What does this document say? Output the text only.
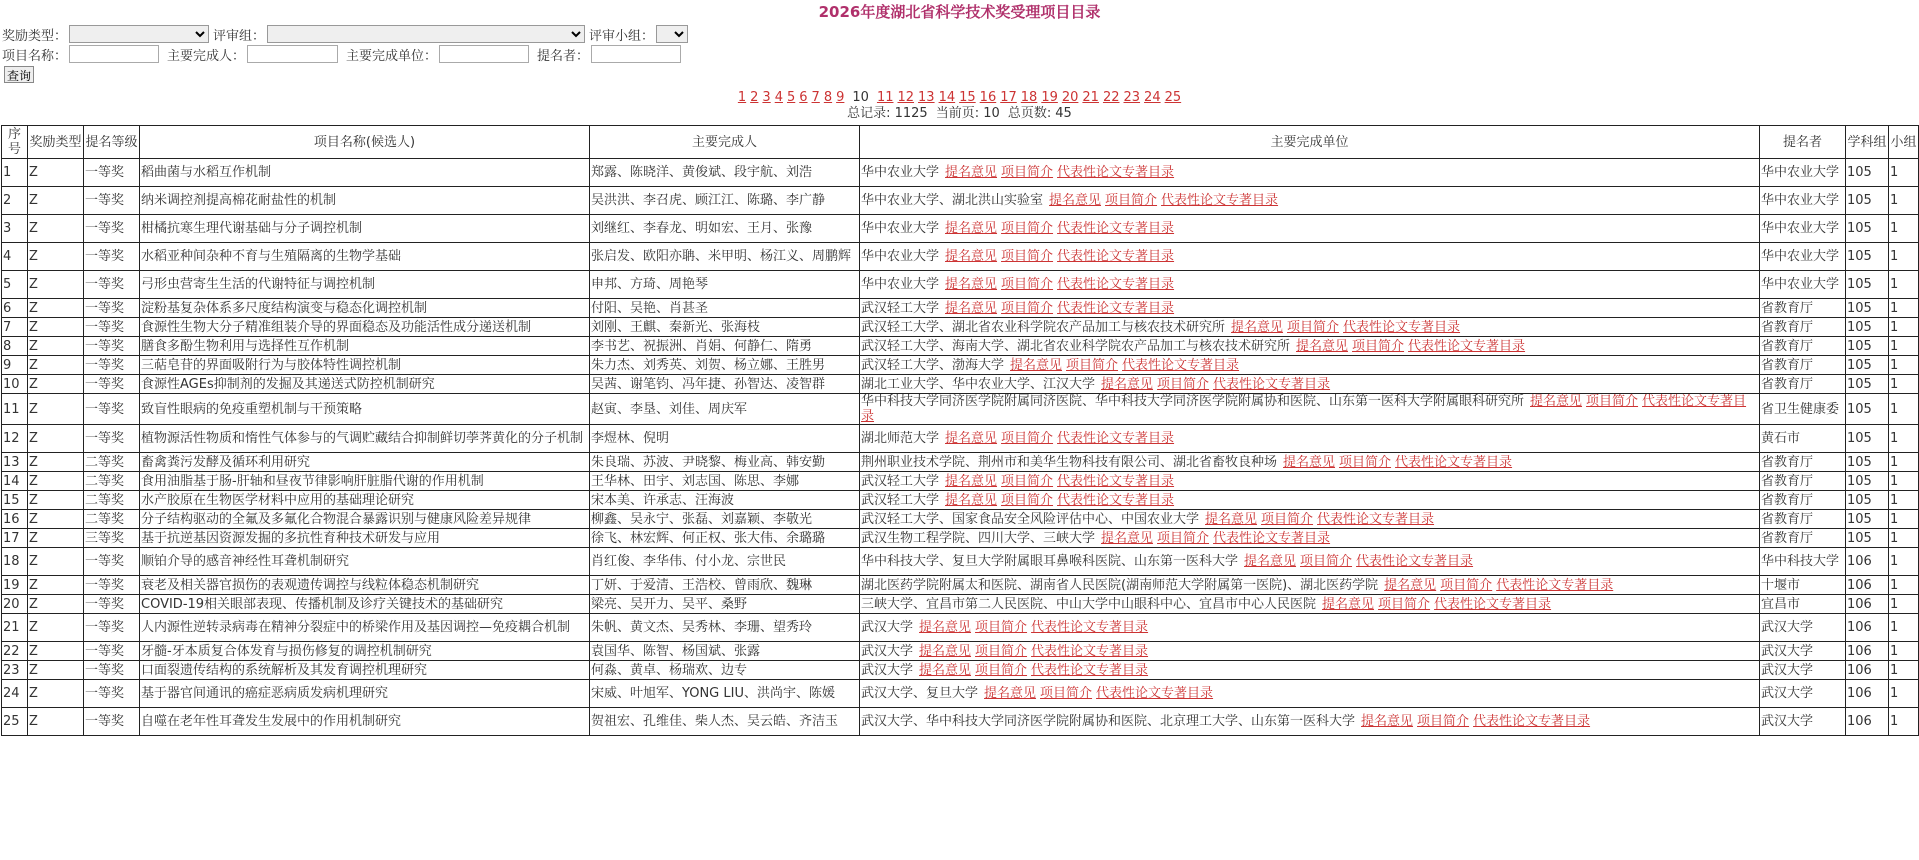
2026年度湖北省科学技术奖受理项目目录
奖励类型：	评审组：	评审小组：
项目名称：	主要完成人：	主要完成单位：	提名者：
查询
1 2 3 4 5 6 7 8 9 10 11 12 13 14 15 16 17 18 19 20 21 22 23 24 25
总记录: 1125 当前页: 10 总页数: 45
序号	奖励类型	提名等级	项目名称(候选人)	主要完成人	主要完成单位	提名者	学科组	小组
1	Z	一等奖	稻曲菌与水稻互作机制	郑露、陈晓洋、黄俊斌、段宇航、刘浩	华中农业大学 提名意见 项目简介 代表性论文专著目录	华中农业大学	105	1
2	Z	一等奖	纳米调控剂提高棉花耐盐性的机制	吴洪洪、李召虎、顾江江、陈璐、李广静	华中农业大学、湖北洪山实验室 提名意见 项目简介 代表性论文专著目录	华中农业大学	105	1
3	Z	一等奖	柑橘抗寒生理代谢基础与分子调控机制	刘继红、李春龙、明如宏、王月、张豫	华中农业大学 提名意见 项目简介 代表性论文专著目录	华中农业大学	105	1
4	Z	一等奖	水稻亚种间杂种不育与生殖隔离的生物学基础	张启发、欧阳亦聃、米甲明、杨江义、周鹏辉	华中农业大学 提名意见 项目简介 代表性论文专著目录	华中农业大学	105	1
5	Z	一等奖	弓形虫营寄生生活的代谢特征与调控机制	申邦、方琦、周艳琴	华中农业大学 提名意见 项目简介 代表性论文专著目录	华中农业大学	105	1
6	Z	一等奖	淀粉基复杂体系多尺度结构演变与稳态化调控机制	付阳、吴艳、肖甚圣	武汉轻工大学 提名意见 项目简介 代表性论文专著目录	省教育厅	105	1
7	Z	一等奖	食源性生物大分子精准组装介导的界面稳态及功能活性成分递送机制	刘刚、王麒、秦新光、张海枝	武汉轻工大学、湖北省农业科学院农产品加工与核农技术研究所 提名意见 项目简介 代表性论文专著目录	省教育厅	105	1
8	Z	一等奖	膳食多酚生物利用与选择性互作机制	李书艺、祝振洲、肖娟、何静仁、隋勇	武汉轻工大学、海南大学、湖北省农业科学院农产品加工与核农技术研究所 提名意见 项目简介 代表性论文专著目录	省教育厅	105	1
9	Z	一等奖	三萜皂苷的界面吸附行为与胶体特性调控机制	朱力杰、刘秀英、刘贺、杨立娜、王胜男	武汉轻工大学、渤海大学 提名意见 项目简介 代表性论文专著目录	省教育厅	105	1
10	Z	一等奖	食源性AGEs抑制剂的发掘及其递送式防控机制研究	吴茜、谢笔钧、冯年捷、孙智达、凌智群	湖北工业大学、华中农业大学、江汉大学 提名意见 项目简介 代表性论文专著目录	省教育厅	105	1
11	Z	一等奖	致盲性眼病的免疫重塑机制与干预策略	赵寅、李垦、刘佳、周庆军	华中科技大学同济医学院附属同济医院、华中科技大学同济医学院附属协和医院、山东第一医科大学附属眼科研究所 提名意见 项目简介 代表性论文专著目录	省卫生健康委	105	1
12	Z	一等奖	植物源活性物质和惰性气体参与的气调贮藏结合抑制鲜切荸荠黄化的分子机制	李煜林、倪明	湖北师范大学 提名意见 项目简介 代表性论文专著目录	黄石市	105	1
13	Z	二等奖	畜禽粪污发酵及循环利用研究	朱良瑞、苏波、尹晓黎、梅业高、韩安勤	荆州职业技术学院、荆州市和美华生物科技有限公司、湖北省畜牧良种场 提名意见 项目简介 代表性论文专著目录	省教育厅	105	1
14	Z	二等奖	食用油脂基于肠-肝轴和昼夜节律影响肝脏脂代谢的作用机制	王华林、田宇、刘志国、陈思、李娜	武汉轻工大学 提名意见 项目简介 代表性论文专著目录	省教育厅	105	1
15	Z	二等奖	水产胶原在生物医学材料中应用的基础理论研究	宋本美、许承志、汪海波	武汉轻工大学 提名意见 项目简介 代表性论文专著目录	省教育厅	105	1
16	Z	二等奖	分子结构驱动的全氟及多氟化合物混合暴露识别与健康风险差异规律	柳鑫、吴永宁、张磊、刘嘉颖、李敬光	武汉轻工大学、国家食品安全风险评估中心、中国农业大学 提名意见 项目简介 代表性论文专著目录	省教育厅	105	1
17	Z	三等奖	基于抗逆基因资源发掘的多抗性育种技术研发与应用	徐飞、林宏辉、何正权、张大伟、余璐璐	武汉生物工程学院、四川大学、三峡大学 提名意见 项目简介 代表性论文专著目录	省教育厅	105	1
18	Z	一等奖	顺铂介导的感音神经性耳聋机制研究	肖红俊、李华伟、付小龙、宗世民	华中科技大学、复旦大学附属眼耳鼻喉科医院、山东第一医科大学 提名意见 项目简介 代表性论文专著目录	华中科技大学	106	1
19	Z	一等奖	衰老及相关器官损伤的表观遗传调控与线粒体稳态机制研究	丁妍、于爱清、王浩校、曾雨欣、魏琳	湖北医药学院附属太和医院、湖南省人民医院(湖南师范大学附属第一医院)、湖北医药学院 提名意见 项目简介 代表性论文专著目录	十堰市	106	1
20	Z	一等奖	COVID-19相关眼部表现、传播机制及诊疗关键技术的基础研究	梁亮、吴开力、吴平、桑野	三峡大学、宜昌市第二人民医院、中山大学中山眼科中心、宜昌市中心人民医院 提名意见 项目简介 代表性论文专著目录	宜昌市	106	1
21	Z	一等奖	人内源性逆转录病毒在精神分裂症中的桥梁作用及基因调控—免疫耦合机制	朱帆、黄文杰、吴秀林、李珊、望秀玲	武汉大学 提名意见 项目简介 代表性论文专著目录	武汉大学	106	1
22	Z	一等奖	牙髓-牙本质复合体发育与损伤修复的调控机制研究	袁国华、陈智、杨国斌、张露	武汉大学 提名意见 项目简介 代表性论文专著目录	武汉大学	106	1
23	Z	一等奖	口面裂遗传结构的系统解析及其发育调控机理研究	何淼、黄卓、杨瑞欢、边专	武汉大学 提名意见 项目简介 代表性论文专著目录	武汉大学	106	1
24	Z	一等奖	基于器官间通讯的癌症恶病质发病机理研究	宋威、叶旭军、YONG LIU、洪尚宇、陈媛	武汉大学、复旦大学 提名意见 项目简介 代表性论文专著目录	武汉大学	106	1
25	Z	一等奖	自噬在老年性耳聋发生发展中的作用机制研究	贺祖宏、孔维佳、柴人杰、吴云皓、齐洁玉	武汉大学、华中科技大学同济医学院附属协和医院、北京理工大学、山东第一医科大学 提名意见 项目简介 代表性论文专著目录	武汉大学	106	1
